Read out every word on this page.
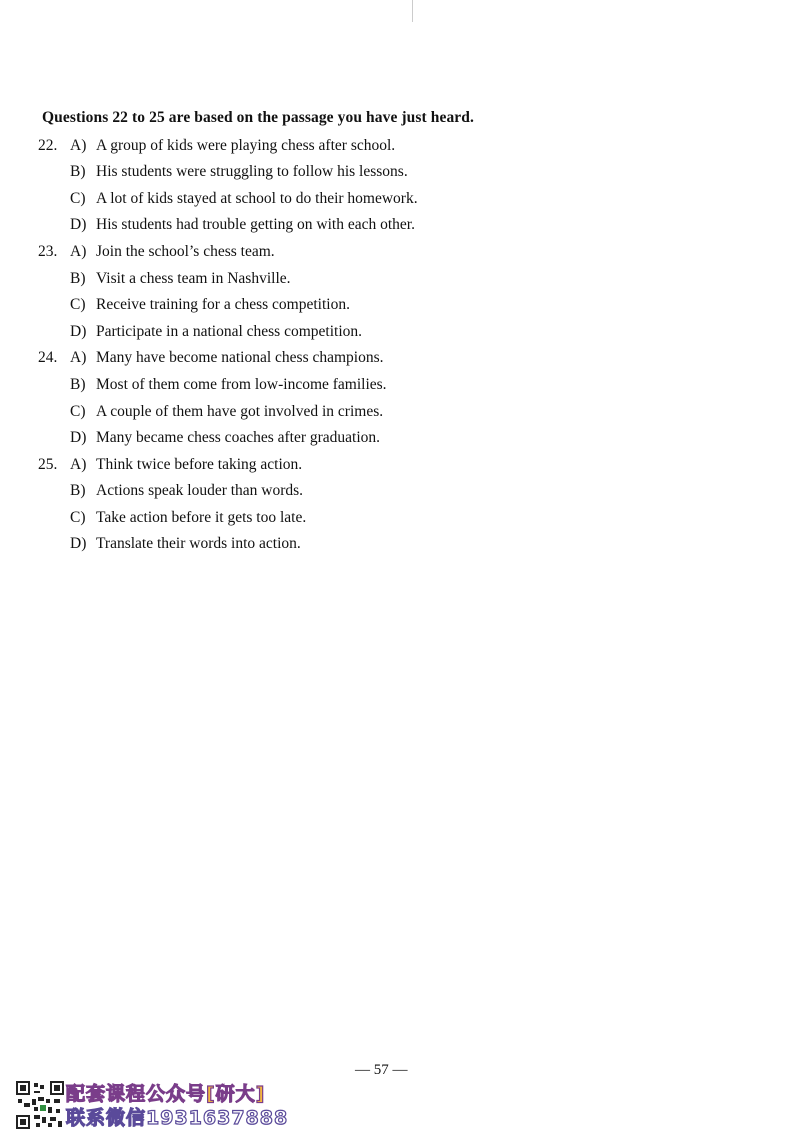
Questions 22 to 25 are based on the passage you have just heard.
22. A) A group of kids were playing chess after school.
B) His students were struggling to follow his lessons.
C) A lot of kids stayed at school to do their homework.
D) His students had trouble getting on with each other.
23. A) Join the school’s chess team.
B) Visit a chess team in Nashville.
C) Receive training for a chess competition.
D) Participate in a national chess competition.
24. A) Many have become national chess champions.
B) Most of them come from low-income families.
C) A couple of them have got involved in crimes.
D) Many became chess coaches after graduation.
25. A) Think twice before taking action.
B) Actions speak louder than words.
C) Take action before it gets too late.
D) Translate their words into action.
— 57 —
配套课程公众号[研大]
联系微信1931637888
